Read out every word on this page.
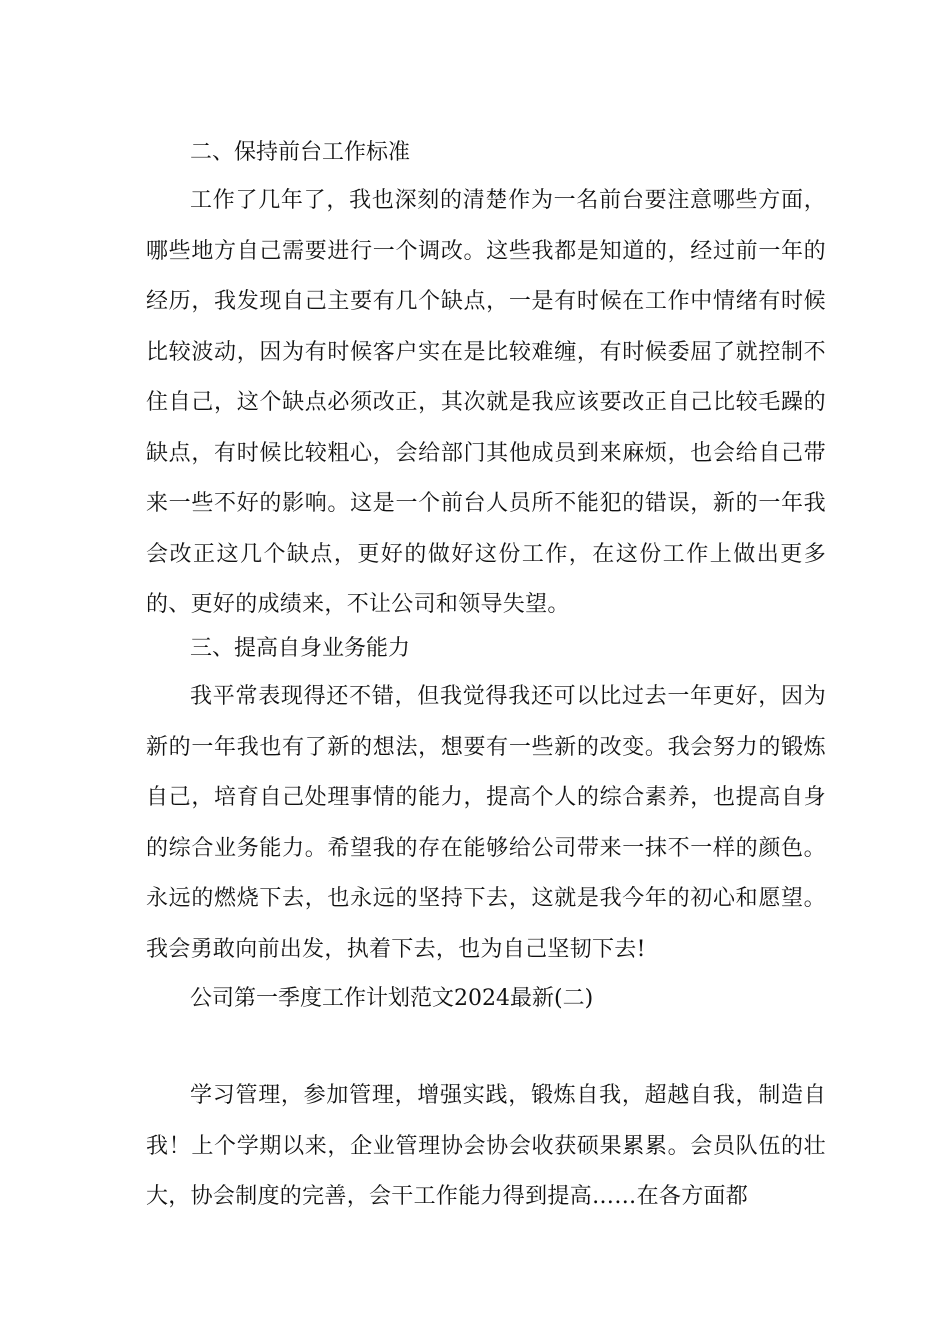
二、保持前台工作标准

工作了几年了，我也深刻的清楚作为一名前台要注意哪些方面，哪些地方自己需要进行一个调改。这些我都是知道的，经过前一年的经历，我发现自己主要有几个缺点，一是有时候在工作中情绪有时候比较波动，因为有时候客户实在是比较难缠，有时候委屈了就控制不住自己，这个缺点必须改正，其次就是我应该要改正自己比较毛躁的缺点，有时候比较粗心，会给部门其他成员到来麻烦，也会给自己带来一些不好的影响。这是一个前台人员所不能犯的错误，新的一年我会改正这几个缺点，更好的做好这份工作，在这份工作上做出更多的、更好的成绩来，不让公司和领导失望。

三、提高自身业务能力

我平常表现得还不错，但我觉得我还可以比过去一年更好，因为新的一年我也有了新的想法，想要有一些新的改变。我会努力的锻炼自己，培育自己处理事情的能力，提高个人的综合素养，也提高自身的综合业务能力。希望我的存在能够给公司带来一抹不一样的颜色。永远的燃烧下去，也永远的坚持下去，这就是我今年的初心和愿望。我会勇敢向前出发，执着下去，也为自己坚韧下去!

公司第一季度工作计划范文2024最新(二)

学习管理，参加管理，增强实践，锻炼自我，超越自我，制造自我！上个学期以来，企业管理协会协会收获硕果累累。会员队伍的壮大，协会制度的完善，会干工作能力得到提高……在各方面都
